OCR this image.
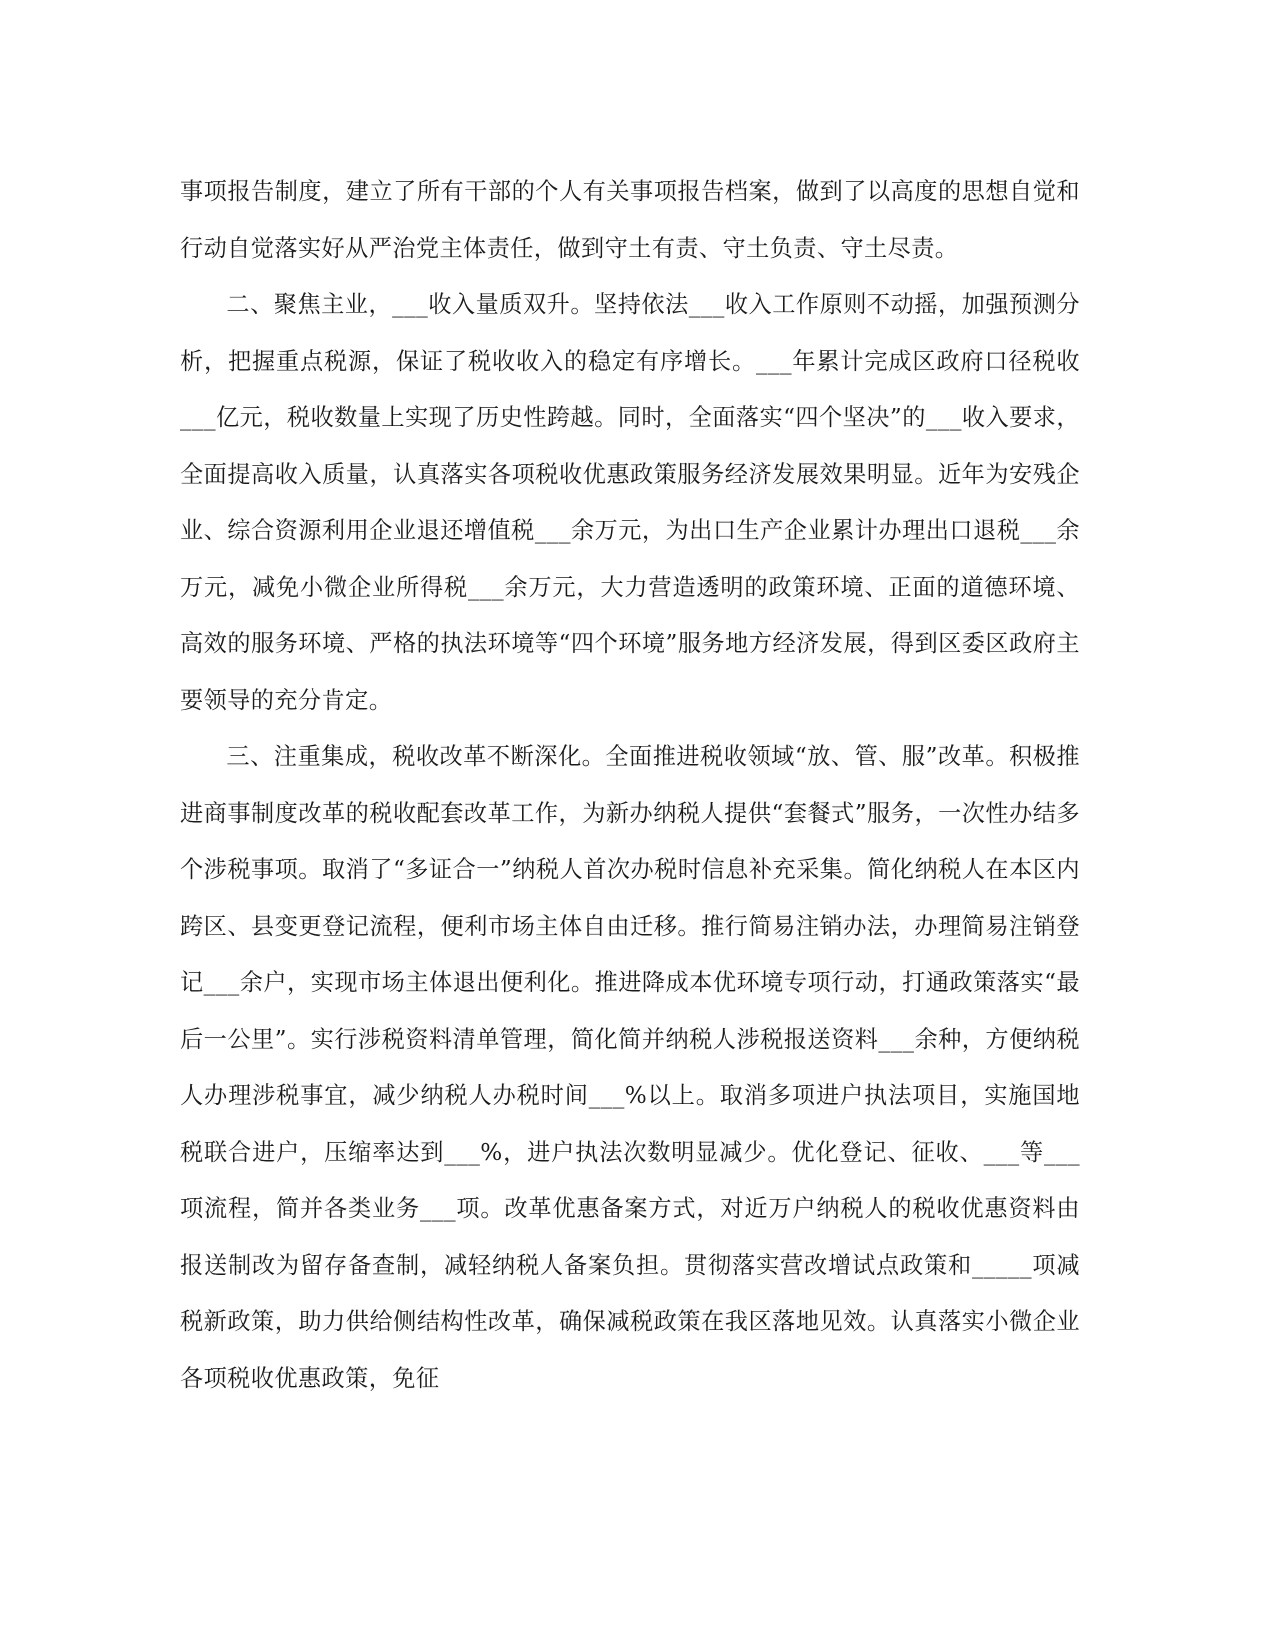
事项报告制度，建立了所有干部的个人有关事项报告档案，做到了以高度的思想自觉和行动自觉落实好从严治党主体责任，做到守土有责、守土负责、守土尽责。

二、聚焦主业，___收入量质双升。坚持依法___收入工作原则不动摇，加强预测分析，把握重点税源，保证了税收收入的稳定有序增长。___年累计完成区政府口径税收___亿元，税收数量上实现了历史性跨越。同时，全面落实“四个坚决”的___收入要求，全面提高收入质量，认真落实各项税收优惠政策服务经济发展效果明显。近年为安残企业、综合资源利用企业退还增值税___余万元，为出口生产企业累计办理出口退税___余万元，减免小微企业所得税___余万元，大力营造透明的政策环境、正面的道德环境、高效的服务环境、严格的执法环境等“四个环境”服务地方经济发展，得到区委区政府主要领导的充分肯定。

三、注重集成，税收改革不断深化。全面推进税收领域“放、管、服”改革。积极推进商事制度改革的税收配套改革工作，为新办纳税人提供“套餐式”服务，一次性办结多个涉税事项。取消了“多证合一”纳税人首次办税时信息补充采集。简化纳税人在本区内跨区、县变更登记流程，便利市场主体自由迁移。推行简易注销办法，办理简易注销登记___余户，实现市场主体退出便利化。推进降成本优环境专项行动，打通政策落实“最后一公里”。实行涉税资料清单管理，简化简并纳税人涉税报送资料___余种，方便纳税人办理涉税事宜，减少纳税人办税时间___%以上。取消多项进户执法项目，实施国地税联合进户，压缩率达到___%，进户执法次数明显减少。优化登记、征收、___等___项流程，简并各类业务___项。改革优惠备案方式，对近万户纳税人的税收优惠资料由报送制改为留存备查制，减轻纳税人备案负担。贯彻落实营改增试点政策和_____项减税新政策，助力供给侧结构性改革，确保减税政策在我区落地见效。认真落实小微企业各项税收优惠政策，免征
